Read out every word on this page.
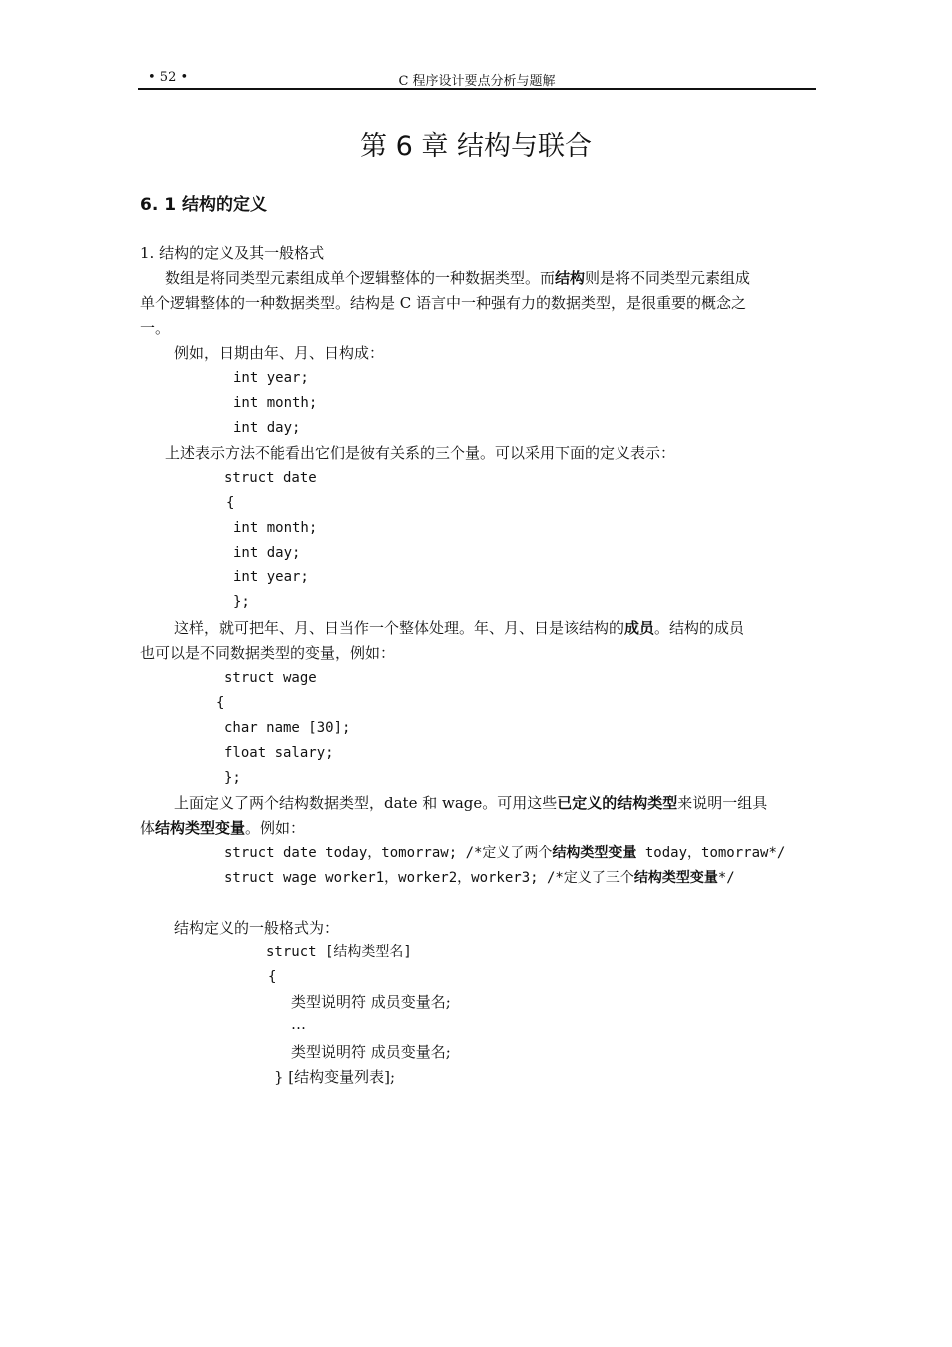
• 52 •	C 程序设计要点分析与题解
第 6 章 结构与联合
6. 1 结构的定义
1. 结构的定义及其一般格式
数组是将同类型元素组成单个逻辑整体的一种数据类型。而结构则是将不同类型元素组成
单个逻辑整体的一种数据类型。结构是 C 语言中一种强有力的数据类型，是很重要的概念之
一。
例如，日期由年、月、日构成：
int year;
int month;
int day;
上述表示方法不能看出它们是彼有关系的三个量。可以采用下面的定义表示：
struct date
{
int month;
int day;
int year;
};
这样，就可把年、月、日当作一个整体处理。年、月、日是该结构的成员。结构的成员
也可以是不同数据类型的变量，例如：
struct wage
{
char name [30];
float salary;
};
上面定义了两个结构数据类型，date 和 wage。可用这些已定义的结构类型来说明一组具
体结构类型变量。例如：
struct date today，tomorraw; /*定义了两个结构类型变量 today，tomorraw*/
struct wage worker1，worker2，worker3; /*定义了三个结构类型变量*/
结构定义的一般格式为：
struct [结构类型名]
{
类型说明符 成员变量名;
…
类型说明符 成员变量名;
} [结构变量列表];
